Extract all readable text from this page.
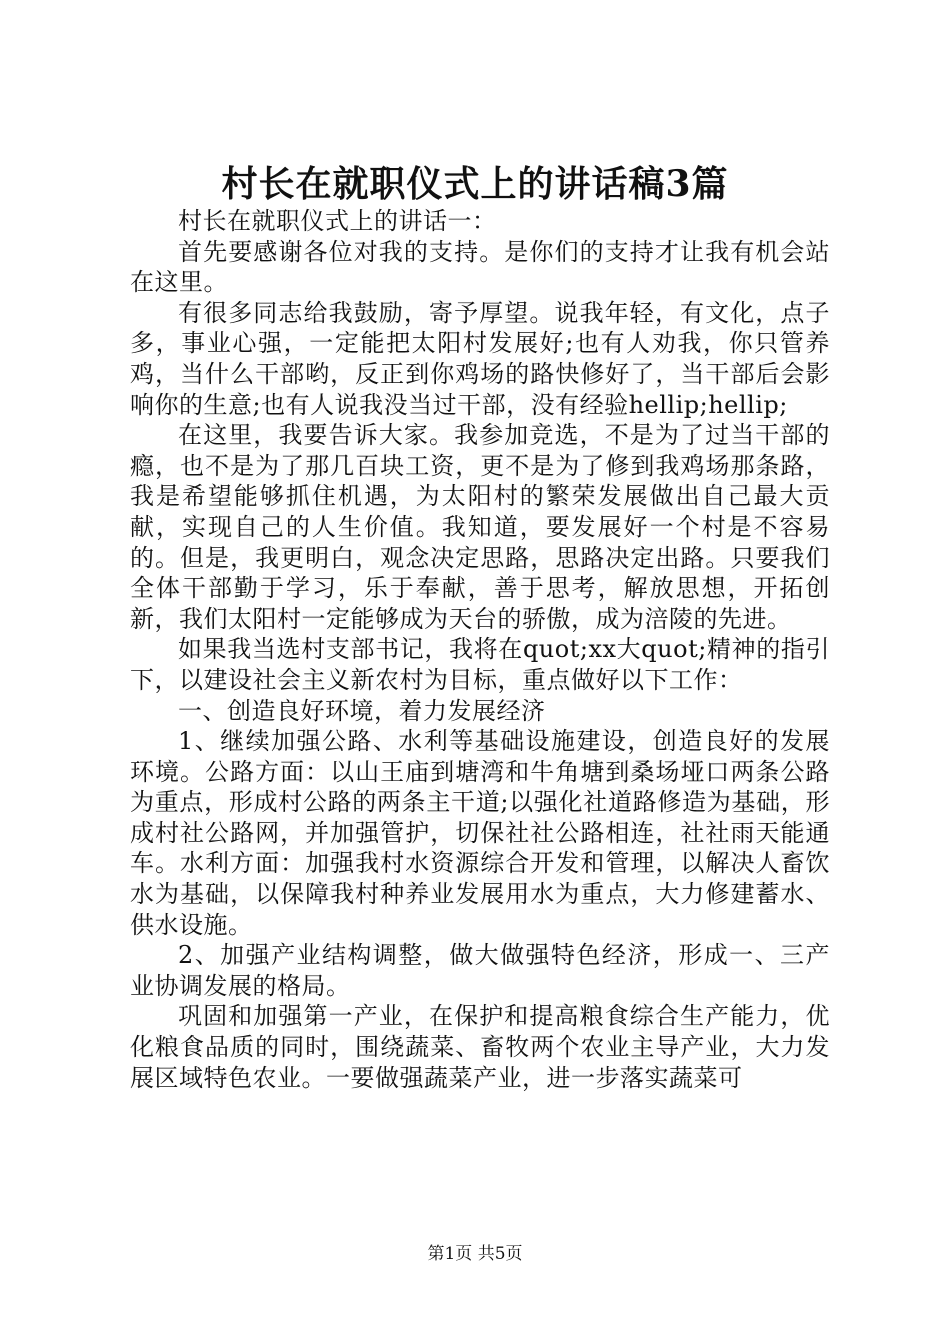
村长在就职仪式上的讲话稿3篇

村长在就职仪式上的讲话一：

首先要感谢各位对我的支持。是你们的支持才让我有机会站在这里。

有很多同志给我鼓励，寄予厚望。说我年轻，有文化，点子多，事业心强，一定能把太阳村发展好;也有人劝我，你只管养鸡，当什么干部哟，反正到你鸡场的路快修好了，当干部后会影响你的生意;也有人说我没当过干部，没有经验hellip;hellip;

在这里，我要告诉大家。我参加竞选，不是为了过当干部的瘾，也不是为了那几百块工资，更不是为了修到我鸡场那条路，我是希望能够抓住机遇，为太阳村的繁荣发展做出自己最大贡献，实现自己的人生价值。我知道，要发展好一个村是不容易的。但是，我更明白，观念决定思路，思路决定出路。只要我们全体干部勤于学习，乐于奉献，善于思考，解放思想，开拓创新，我们太阳村一定能够成为天台的骄傲，成为涪陵的先进。

如果我当选村支部书记，我将在quot;xx大quot;精神的指引下，以建设社会主义新农村为目标，重点做好以下工作：

一、创造良好环境，着力发展经济

1、继续加强公路、水利等基础设施建设，创造良好的发展环境。公路方面：以山王庙到塘湾和牛角塘到桑场垭口两条公路为重点，形成村公路的两条主干道;以强化社道路修造为基础，形成村社公路网，并加强管护，切保社社公路相连，社社雨天能通车。水利方面：加强我村水资源综合开发和管理，以解决人畜饮水为基础，以保障我村种养业发展用水为重点，大力修建蓄水、供水设施。

2、加强产业结构调整，做大做强特色经济，形成一、三产业协调发展的格局。

巩固和加强第一产业，在保护和提高粮食综合生产能力，优化粮食品质的同时，围绕蔬菜、畜牧两个农业主导产业，大力发展区域特色农业。一要做强蔬菜产业，进一步落实蔬菜可

第1页 共5页
